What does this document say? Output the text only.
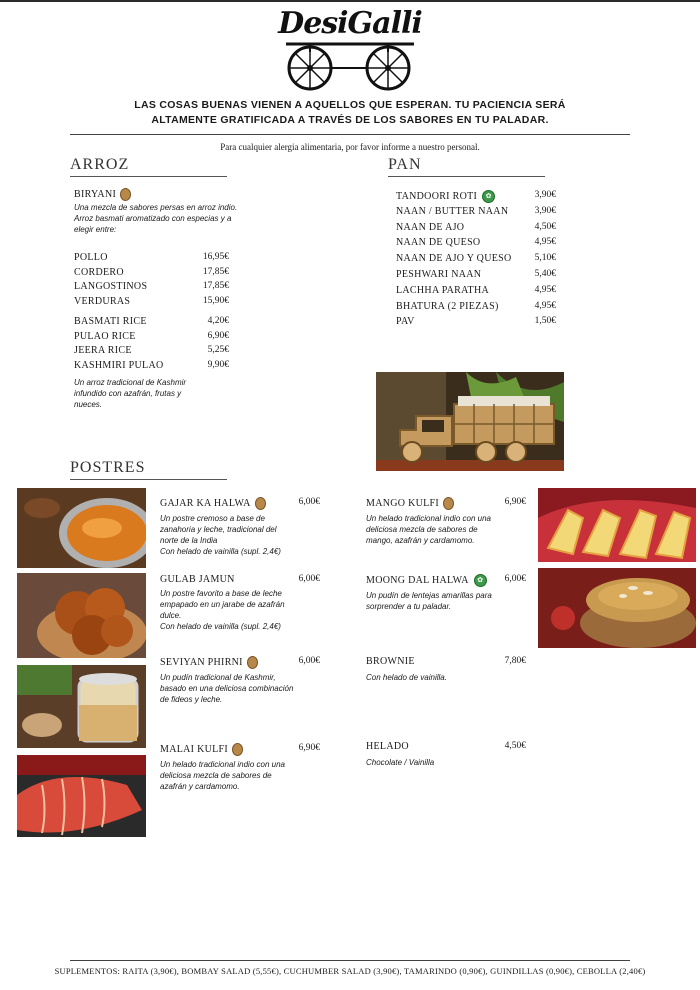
DesiGalli
LAS COSAS BUENAS VIENEN A AQUELLOS QUE ESPERAN. TU PACIENCIA SERÁ
ALTAMENTE GRATIFICADA A TRAVÉS DE LOS SABORES EN TU PALADAR.
Para cualquier alergia alimentaria, por favor informe a nuestro personal.
ARROZ
BIRYANI
Una mezcla de sabores persas en arroz indio.
Arroz basmati aromatizado con especias y a
elegir entre:
POLLO	16,95€
CORDERO	17,85€
LANGOSTINOS	17,85€
VERDURAS	15,90€
BASMATI RICE	4,20€
PULAO RICE	6,90€
JEERA RICE	5,25€
KASHMIRI PULAO	9,90€
Un arroz tradicional de Kashmir
infundido con azafrán, frutas y
nueces.
PAN
TANDOORI ROTI ✿	3,90€
NAAN / BUTTER NAAN	3,90€
NAAN DE AJO	4,50€
NAAN DE QUESO	4,95€
NAAN DE AJO Y QUESO 5,10€
PESHWARI NAAN	5,40€
LACHHA PARATHA	4,95€
BHATURA (2 PIEZAS)	4,95€
PAV	1,50€
POSTRES
GAJAR KA HALWA	6,00€
Un postre cremoso a base de
zanahoria y leche, tradicional del
norte de la India
Con helado de vainilla (supl. 2,4€)
GULAB JAMUN	6,00€
Un postre favorito a base de leche
empapado en un jarabe de azafrán
dulce.
Con helado de vainilla (supl. 2,4€)
SEVIYAN PHIRNI	6,00€
Un pudín tradicional de Kashmir,
basado en una deliciosa combinación
de fideos y leche.
MALAI KULFI	6,90€
Un helado tradicional indio con una
deliciosa mezcla de sabores de
azafrán y cardamomo.
MANGO KULFI	6,90€
Un helado tradicional indio con una
deliciosa mezcla de sabores de
mango, azafrán y cardamomo.
MOONG DAL HALWA ✿	6,00€
Un pudín de lentejas amarillas para
sorprender a tu paladar.
BROWNIE	7,80€
Con helado de vainilla.
HELADO	4,50€
Chocolate / Vainilla
SUPLEMENTOS: RAITA (3,90€), BOMBAY SALAD (5,55€), CUCHUMBER SALAD (3,90€), TAMARINDO (0,90€), GUINDILLAS (0,90€), CEBOLLA (2,40€)
